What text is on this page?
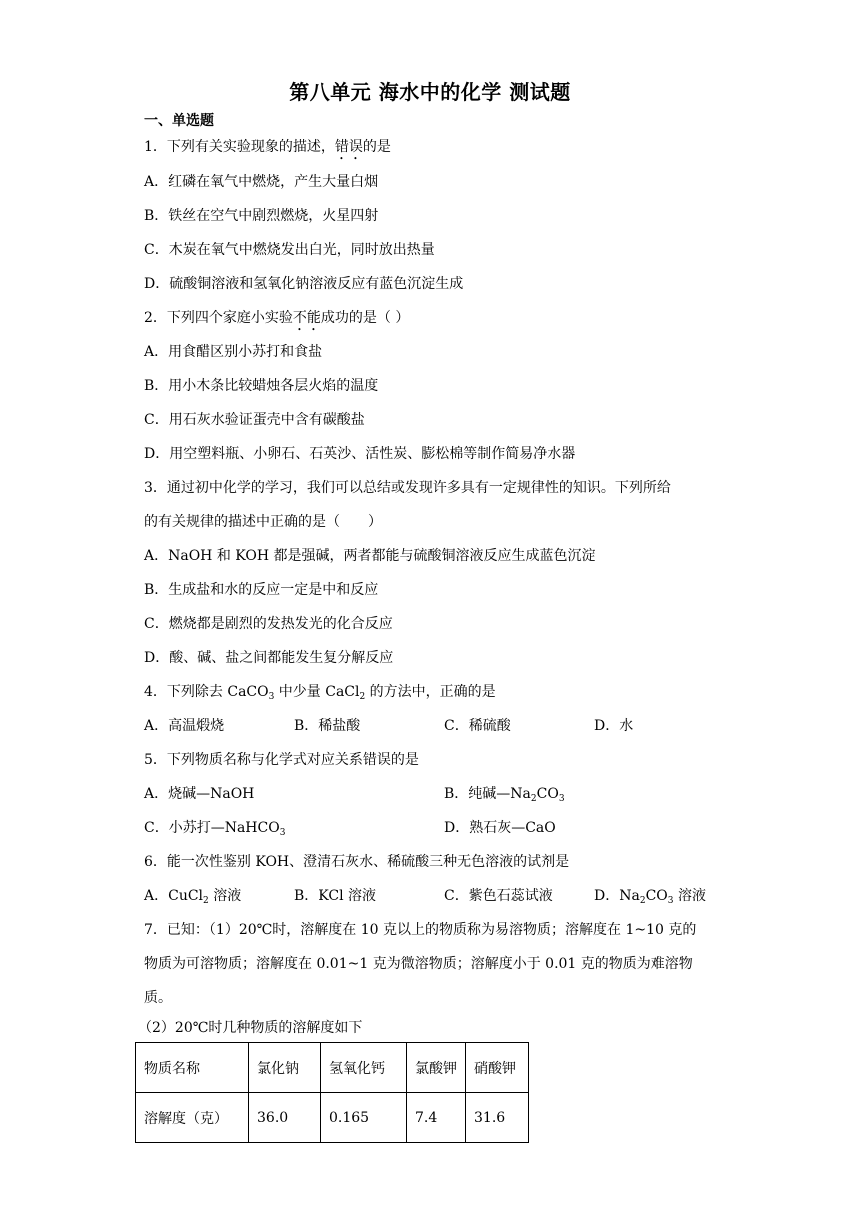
第八单元 海水中的化学 测试题
一、单选题
1．下列有关实验现象的描述，错误的是
A．红磷在氧气中燃烧，产生大量白烟
B．铁丝在空气中剧烈燃烧，火星四射
C．木炭在氧气中燃烧发出白光，同时放出热量
D．硫酸铜溶液和氢氧化钠溶液反应有蓝色沉淀生成
2．下列四个家庭小实验不能成功的是（ ）
A．用食醋区别小苏打和食盐
B．用小木条比较蜡烛各层火焰的温度
C．用石灰水验证蛋壳中含有碳酸盐
D．用空塑料瓶、小卵石、石英沙、活性炭、膨松棉等制作简易净水器
3．通过初中化学的学习，我们可以总结或发现许多具有一定规律性的知识。下列所给
的有关规律的描述中正确的是（　　）
A．NaOH 和 KOH 都是强碱，两者都能与硫酸铜溶液反应生成蓝色沉淀
B．生成盐和水的反应一定是中和反应
C．燃烧都是剧烈的发热发光的化合反应
D．酸、碱、盐之间都能发生复分解反应
4．下列除去 CaCO$_3$ 中少量 CaCl$_2$ 的方法中，正确的是
A．高温煅烧	B．稀盐酸	C．稀硫酸	D．水
5．下列物质名称与化学式对应关系错误的是
A．烧碱—NaOH	B．纯碱$—Na_2CO_3$
C．小苏打—NaHCO$_3$	D．熟石灰—CaO
6．能一次性鉴别 KOH、澄清石灰水、稀硫酸三种无色溶液的试剂是
A．CuCl$_2$ 溶液	B．KCl 溶液	C．紫色石蕊试液	D．$Na_2CO_3$ 溶液
7．已知：（1）20℃时，溶解度在 10 克以上的物质称为易溶物质；溶解度在 1~10 克的
物质为可溶物质；溶解度在 0.01~1 克为微溶物质；溶解度小于 0.01 克的物质为难溶物
质。
（2）20℃时几种物质的溶解度如下
物质名称	氯化钠	氢氧化钙	氯酸钾	硝酸钾
溶解度（克）	36.0	0.165	7.4	31.6
